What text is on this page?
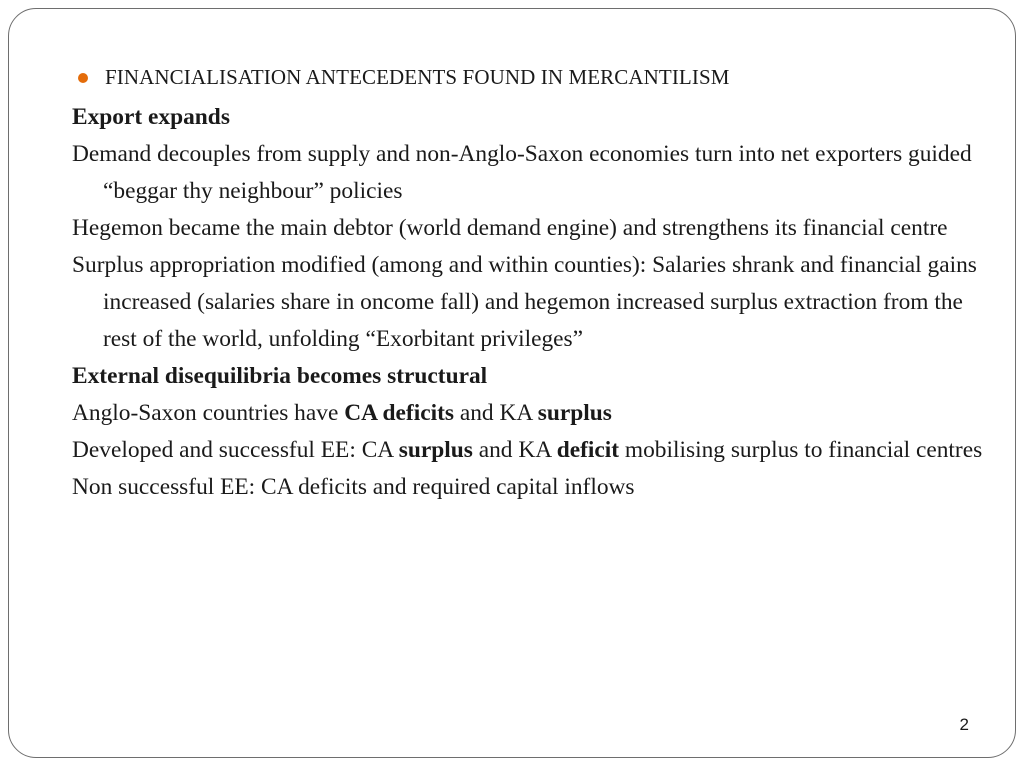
FINANCIALISATION ANTECEDENTS FOUND IN MERCANTILISM
Export expands
Demand decouples from supply and non-Anglo-Saxon economies turn into net exporters guided “beggar thy neighbour” policies
Hegemon became the main debtor (world demand engine) and strengthens its financial centre
Surplus appropriation modified (among and within counties): Salaries shrank and financial gains increased (salaries share in oncome fall) and hegemon increased surplus extraction from the rest of the world, unfolding “Exorbitant privileges”
External disequilibria becomes structural
Anglo-Saxon countries have CA deficits and KA surplus
Developed and successful EE: CA surplus and KA deficit mobilising surplus to financial centres
Non successful EE: CA deficits and required capital inflows
2
